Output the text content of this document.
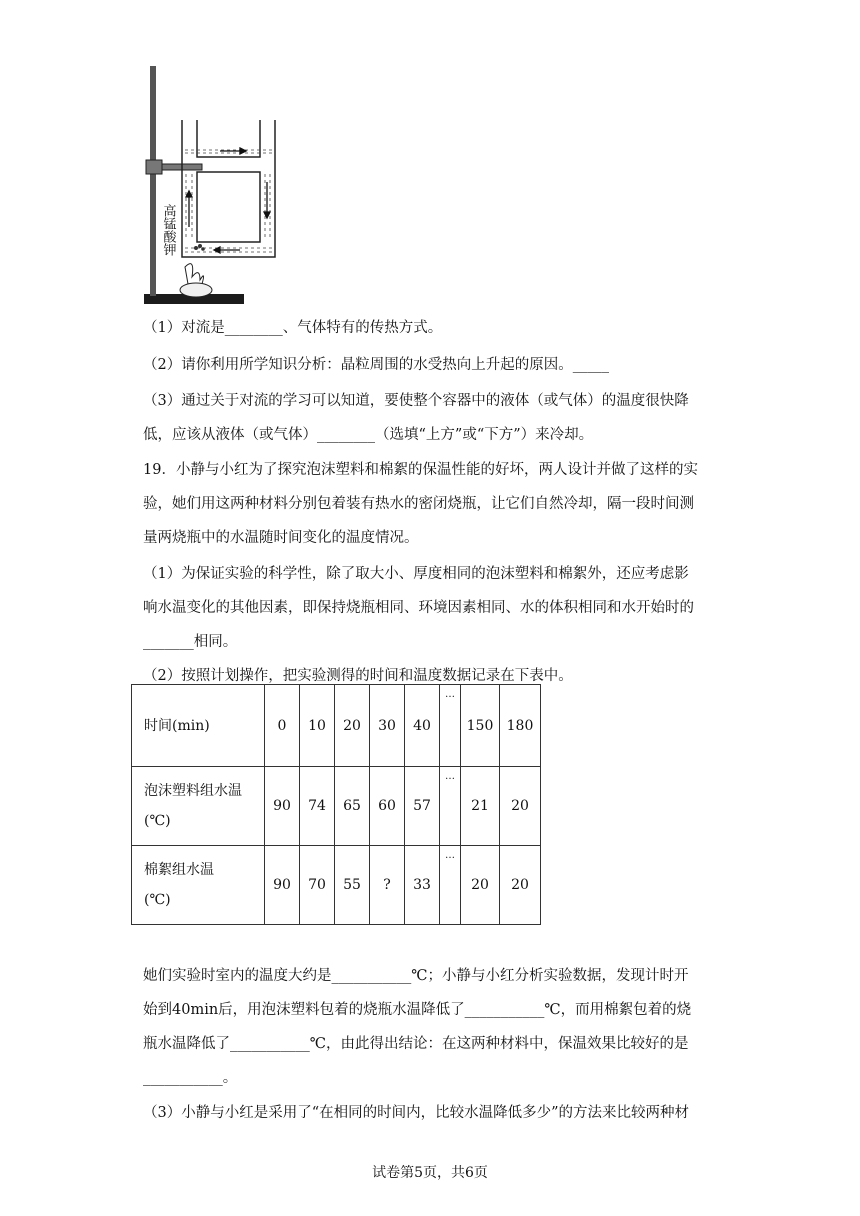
高锰酸钾
（1）对流是________、气体特有的传热方式。
（2）请你利用所学知识分析：晶粒周围的水受热向上升起的原因。_____
（3）通过关于对流的学习可以知道，要使整个容器中的液体（或气体）的温度很快降
低，应该从液体（或气体）________（选填“上方”或“下方”）来冷却。
19．小静与小红为了探究泡沫塑料和棉絮的保温性能的好坏，两人设计并做了这样的实
验，她们用这两种材料分别包着装有热水的密闭烧瓶，让它们自然冷却，隔一段时间测
量两烧瓶中的水温随时间变化的温度情况。
（1）为保证实验的科学性，除了取大小、厚度相同的泡沫塑料和棉絮外，还应考虑影
响水温变化的其他因素，即保持烧瓶相同、环境因素相同、水的体积相同和水开始时的
_______相同。
（2）按照计划操作，把实验测得的时间和温度数据记录在下表中。
时间(min)	0	10	20	30	40	…	150	180

泡沫塑料组水温
(℃)	90	74	65	60	57	…	21	20

棉絮组水温
(℃)	90	70	55	?	33	…	20	20
她们实验时室内的温度大约是___________℃；小静与小红分析实验数据，发现计时开
始到40min后，用泡沫塑料包着的烧瓶水温降低了___________℃，而用棉絮包着的烧
瓶水温降低了___________℃，由此得出结论：在这两种材料中，保温效果比较好的是
___________。
（3）小静与小红是采用了“在相同的时间内，比较水温降低多少”的方法来比较两种材
试卷第5页，共6页
